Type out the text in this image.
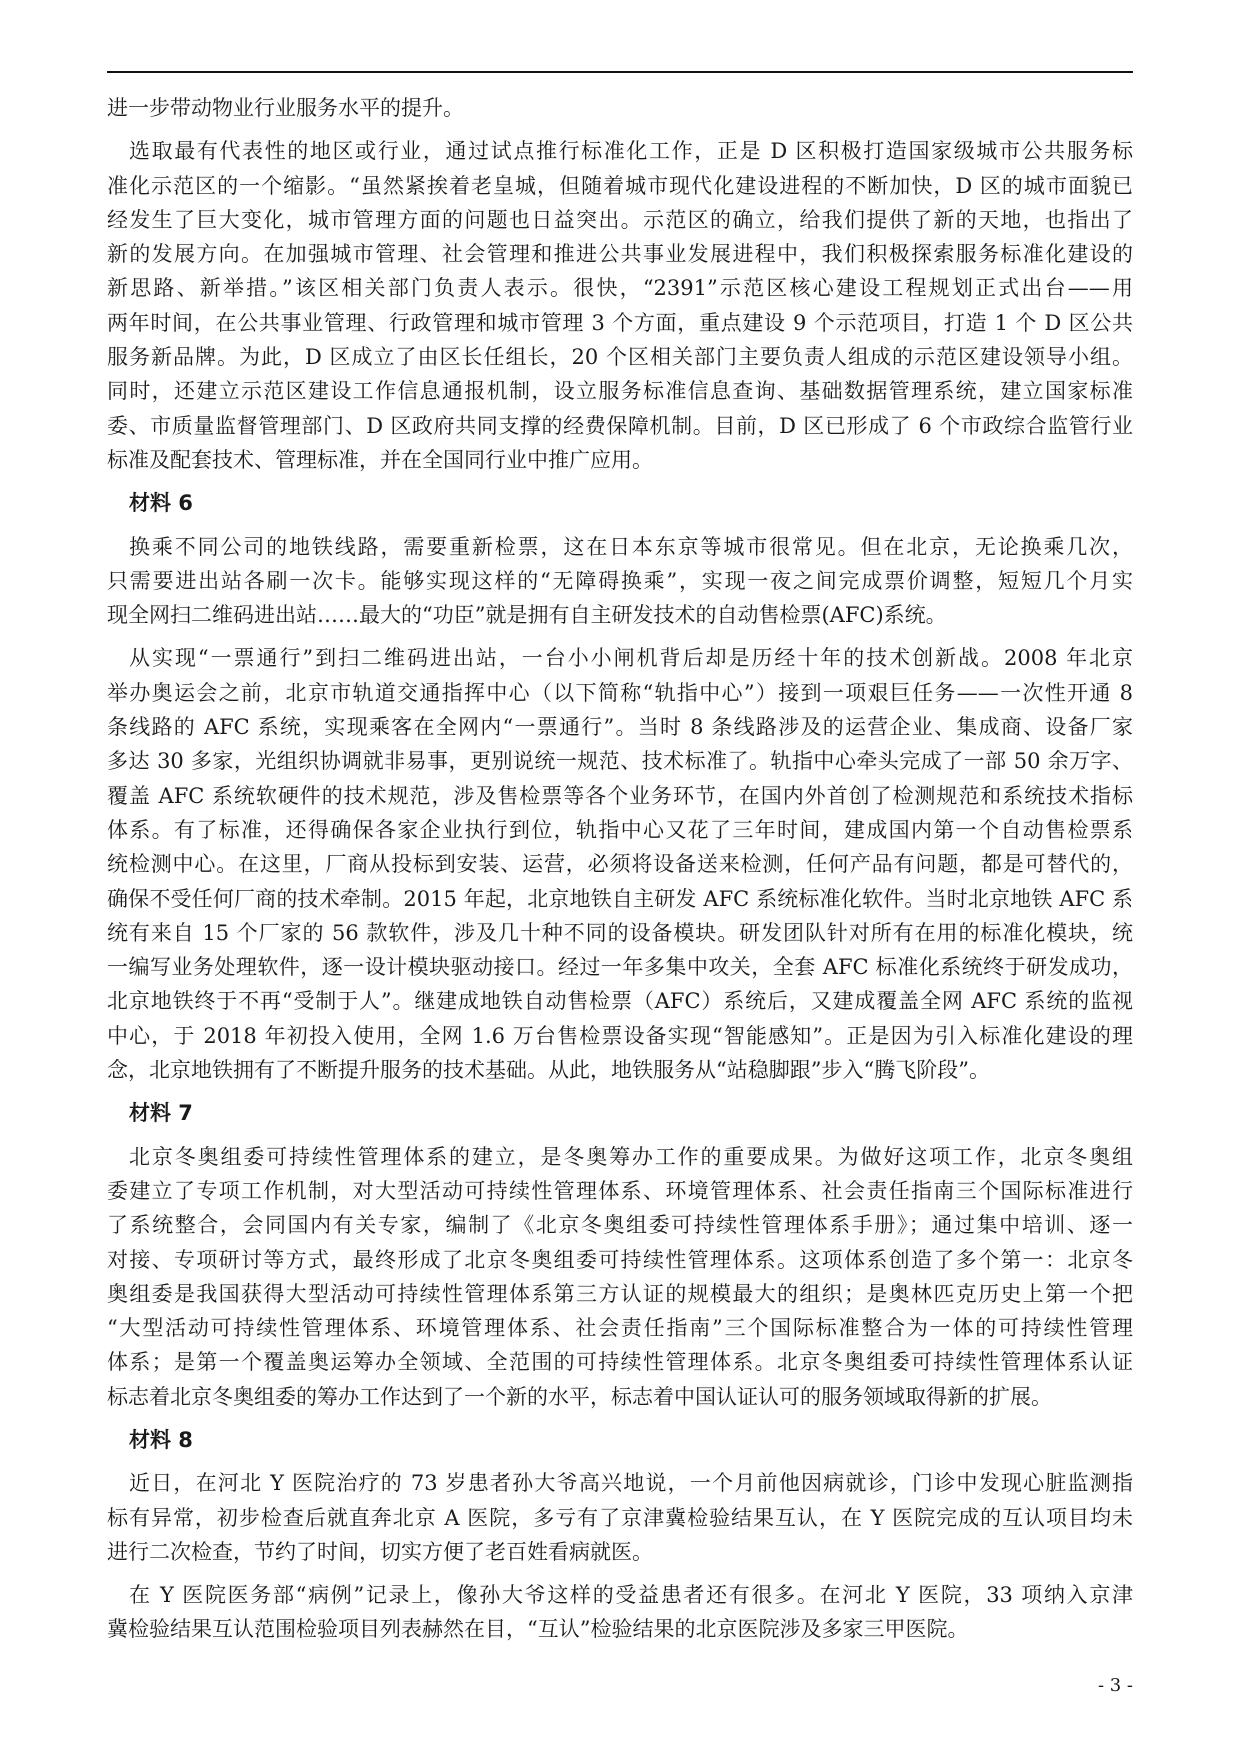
进一步带动物业行业服务水平的提升。
选取最有代表性的地区或行业，通过试点推行标准化工作，正是 D 区积极打造国家级城市公共服务标
准化示范区的一个缩影。“虽然紧挨着老皇城，但随着城市现代化建设进程的不断加快，D 区的城市面貌已
经发生了巨大变化，城市管理方面的问题也日益突出。示范区的确立，给我们提供了新的天地，也指出了
新的发展方向。在加强城市管理、社会管理和推进公共事业发展进程中，我们积极探索服务标准化建设的
新思路、新举措。”该区相关部门负责人表示。很快，“2391”示范区核心建设工程规划正式出台——用
两年时间，在公共事业管理、行政管理和城市管理 3 个方面，重点建设 9 个示范项目，打造 1 个 D 区公共
服务新品牌。为此，D 区成立了由区长任组长，20 个区相关部门主要负责人组成的示范区建设领导小组。
同时，还建立示范区建设工作信息通报机制，设立服务标准信息查询、基础数据管理系统，建立国家标准
委、市质量监督管理部门、D 区政府共同支撑的经费保障机制。目前，D 区已形成了 6 个市政综合监管行业
标准及配套技术、管理标准，并在全国同行业中推广应用。
材料 6
换乘不同公司的地铁线路，需要重新检票，这在日本东京等城市很常见。但在北京，无论换乘几次，
只需要进出站各刷一次卡。能够实现这样的“无障碍换乘”，实现一夜之间完成票价调整，短短几个月实
现全网扫二维码进出站……最大的“功臣”就是拥有自主研发技术的自动售检票(AFC)系统。
从实现“一票通行”到扫二维码进出站，一台小小闸机背后却是历经十年的技术创新战。2008 年北京
举办奥运会之前，北京市轨道交通指挥中心（以下简称“轨指中心”）接到一项艰巨任务——一次性开通 8
条线路的 AFC 系统，实现乘客在全网内“一票通行”。当时 8 条线路涉及的运营企业、集成商、设备厂家
多达 30 多家，光组织协调就非易事，更别说统一规范、技术标准了。轨指中心牵头完成了一部 50 余万字、
覆盖 AFC 系统软硬件的技术规范，涉及售检票等各个业务环节，在国内外首创了检测规范和系统技术指标
体系。有了标准，还得确保各家企业执行到位，轨指中心又花了三年时间，建成国内第一个自动售检票系
统检测中心。在这里，厂商从投标到安装、运营，必须将设备送来检测，任何产品有问题，都是可替代的，
确保不受任何厂商的技术牵制。2015 年起，北京地铁自主研发 AFC 系统标准化软件。当时北京地铁 AFC 系
统有来自 15 个厂家的 56 款软件，涉及几十种不同的设备模块。研发团队针对所有在用的标准化模块，统
一编写业务处理软件，逐一设计模块驱动接口。经过一年多集中攻关，全套 AFC 标准化系统终于研发成功，
北京地铁终于不再“受制于人”。继建成地铁自动售检票（AFC）系统后，又建成覆盖全网 AFC 系统的监视
中心，于 2018 年初投入使用，全网 1.6 万台售检票设备实现“智能感知”。正是因为引入标准化建设的理
念，北京地铁拥有了不断提升服务的技术基础。从此，地铁服务从“站稳脚跟”步入“腾飞阶段”。
材料 7
北京冬奥组委可持续性管理体系的建立，是冬奥筹办工作的重要成果。为做好这项工作，北京冬奥组
委建立了专项工作机制，对大型活动可持续性管理体系、环境管理体系、社会责任指南三个国际标准进行
了系统整合，会同国内有关专家，编制了《北京冬奥组委可持续性管理体系手册》；通过集中培训、逐一
对接、专项研讨等方式，最终形成了北京冬奥组委可持续性管理体系。这项体系创造了多个第一：北京冬
奥组委是我国获得大型活动可持续性管理体系第三方认证的规模最大的组织；是奥林匹克历史上第一个把
“大型活动可持续性管理体系、环境管理体系、社会责任指南”三个国际标准整合为一体的可持续性管理
体系；是第一个覆盖奥运筹办全领域、全范围的可持续性管理体系。北京冬奥组委可持续性管理体系认证
标志着北京冬奥组委的筹办工作达到了一个新的水平，标志着中国认证认可的服务领域取得新的扩展。
材料 8
近日，在河北 Y 医院治疗的 73 岁患者孙大爷高兴地说，一个月前他因病就诊，门诊中发现心脏监测指
标有异常，初步检查后就直奔北京 A 医院，多亏有了京津冀检验结果互认，在 Y 医院完成的互认项目均未
进行二次检查，节约了时间，切实方便了老百姓看病就医。
在 Y 医院医务部“病例”记录上，像孙大爷这样的受益患者还有很多。在河北 Y 医院，33 项纳入京津
冀检验结果互认范围检验项目列表赫然在目，“互认”检验结果的北京医院涉及多家三甲医院。
- 3 -
